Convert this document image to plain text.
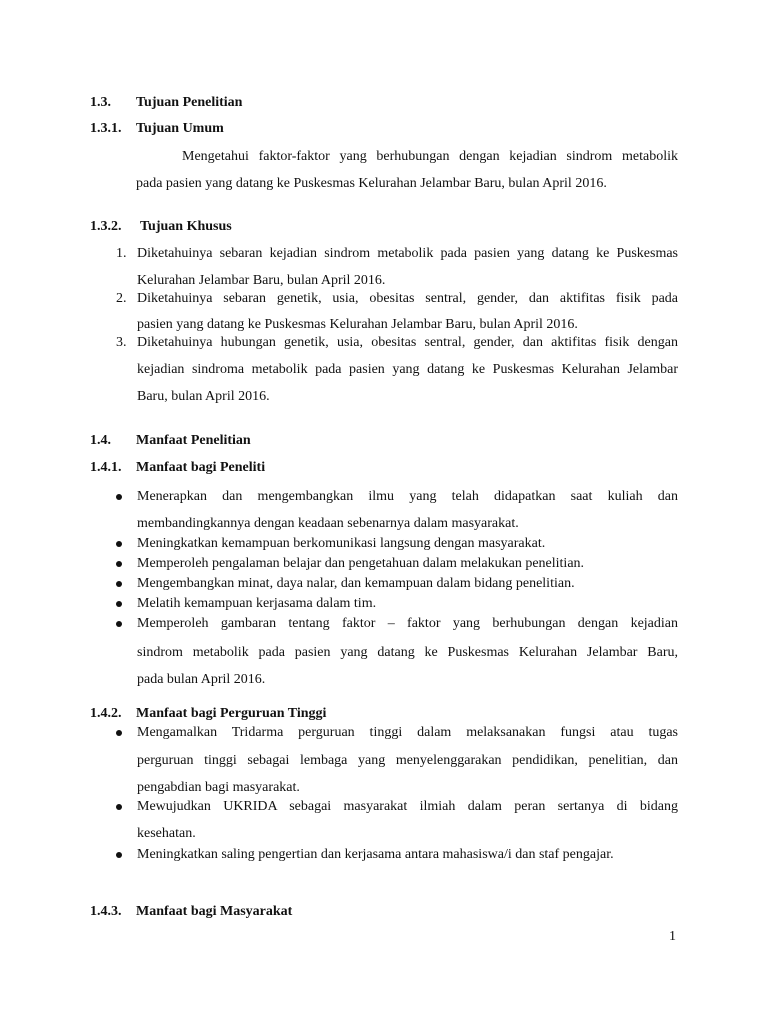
1.3. Tujuan Penelitian
1.3.1. Tujuan Umum
Mengetahui faktor-faktor yang berhubungan dengan kejadian sindrom metabolik
pada pasien yang datang ke Puskesmas Kelurahan Jelambar Baru, bulan April 2016.
1.3.2. Tujuan Khusus
1. Diketahuinya sebaran kejadian sindrom metabolik pada pasien yang datang ke Puskesmas
Kelurahan Jelambar Baru, bulan April 2016.
2. Diketahuinya sebaran genetik, usia, obesitas sentral, gender, dan aktifitas fisik pada
pasien yang datang ke Puskesmas Kelurahan Jelambar Baru, bulan April 2016.
3. Diketahuinya hubungan genetik, usia, obesitas sentral, gender, dan aktifitas fisik dengan
kejadian sindroma metabolik pada pasien yang datang ke Puskesmas Kelurahan Jelambar
Baru, bulan April 2016.
1.4. Manfaat Penelitian
1.4.1. Manfaat bagi Peneliti
Menerapkan dan mengembangkan ilmu yang telah didapatkan saat kuliah dan
membandingkannya dengan keadaan sebenarnya dalam masyarakat.
Meningkatkan kemampuan berkomunikasi langsung dengan masyarakat.
Memperoleh pengalaman belajar dan pengetahuan dalam melakukan penelitian.
Mengembangkan minat, daya nalar, dan kemampuan dalam bidang penelitian.
Melatih kemampuan kerjasama dalam tim.
Memperoleh gambaran tentang faktor – faktor yang berhubungan dengan kejadian
sindrom metabolik pada pasien yang datang ke Puskesmas Kelurahan Jelambar Baru,
pada bulan April 2016.
1.4.2. Manfaat bagi Perguruan Tinggi
Mengamalkan Tridarma perguruan tinggi dalam melaksanakan fungsi atau tugas
perguruan tinggi sebagai lembaga yang menyelenggarakan pendidikan, penelitian, dan
pengabdian bagi masyarakat.
Mewujudkan UKRIDA sebagai masyarakat ilmiah dalam peran sertanya di bidang
kesehatan.
Meningkatkan saling pengertian dan kerjasama antara mahasiswa/i dan staf pengajar.
1.4.3. Manfaat bagi Masyarakat
1
